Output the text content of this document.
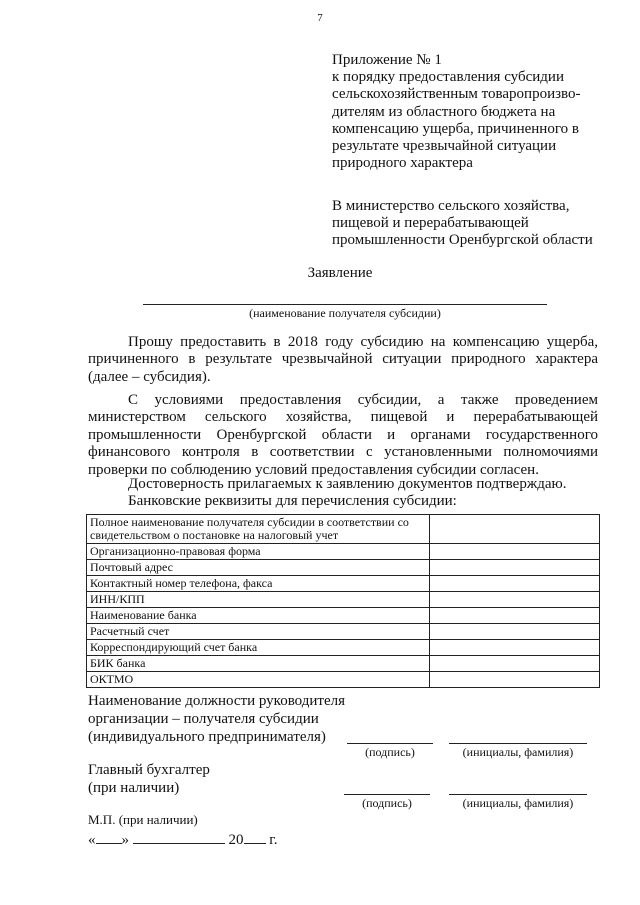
7
Приложение № 1
к порядку предоставления субсидии
сельскохозяйственным товаропроизво-
дителям из областного бюджета на
компенсацию ущерба, причиненного в
результате чрезвычайной ситуации
природного характера
В министерство сельского хозяйства,
пищевой и перерабатывающей
промышленности Оренбургской области
Заявление
(наименование получателя субсидии)
Прошу предоставить в 2018 году субсидию на компенсацию ущерба, причиненного в результате чрезвычайной ситуации природного характера (далее – субсидия).
С условиями предоставления субсидии, а также проведением министерством сельского хозяйства, пищевой и перерабатывающей промышленности Оренбургской области и органами государственного финансового контроля в соответствии с установленными полномочиями проверки по соблюдению условий предоставления субсидии согласен.
Достоверность прилагаемых к заявлению документов подтверждаю.
Банковские реквизиты для перечисления субсидии:
Полное наименование получателя субсидии в соответствии со свидетельством о постановке на налоговый учет	
Организационно-правовая форма	
Почтовый адрес	
Контактный номер телефона, факса	
ИНН/КПП	
Наименование банка	
Расчетный счет	
Корреспондирующий счет банка	
БИК банка	
ОКТМО	
Наименование должности руководителя
организации – получателя субсидии
(индивидуального предпринимателя)
(подпись)	(инициалы, фамилия)
Главный бухгалтер
(при наличии)
(подпись)	(инициалы, фамилия)
М.П. (при наличии)
« »	20 г.
